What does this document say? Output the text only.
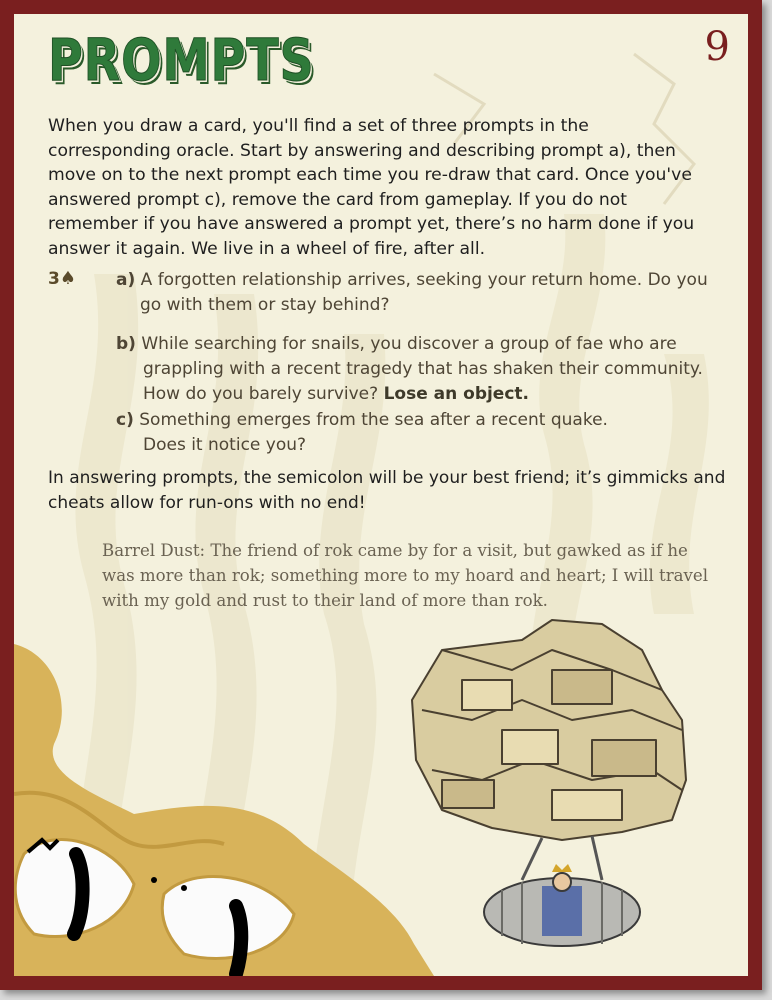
PROMPTS	9

When you draw a card, you'll find a set of three prompts in the corresponding oracle. Start by answering and describing prompt a), then move on to the next prompt each time you re-draw that card. Once you've answered prompt c), remove the card from gameplay. If you do not remember if you have answered a prompt yet, there’s no harm done if you answer it again. We live in a wheel of fire, after all.

3♠ a) A forgotten relationship arrives, seeking your return home. Do you
go with them or stay behind?
b) While searching for snails, you discover a group of fae who are
grappling with a recent tragedy that has shaken their community.
How do you barely survive? Lose an object.
c) Something emerges from the sea after a recent quake.
Does it notice you?

In answering prompts, the semicolon will be your best friend; it’s gimmicks and cheats allow for run-ons with no end!

Barrel Dust: The friend of rok came by for a visit, but gawked as if he was more than rok; something more to my hoard and heart; I will travel with my gold and rust to their land of more than rok.
